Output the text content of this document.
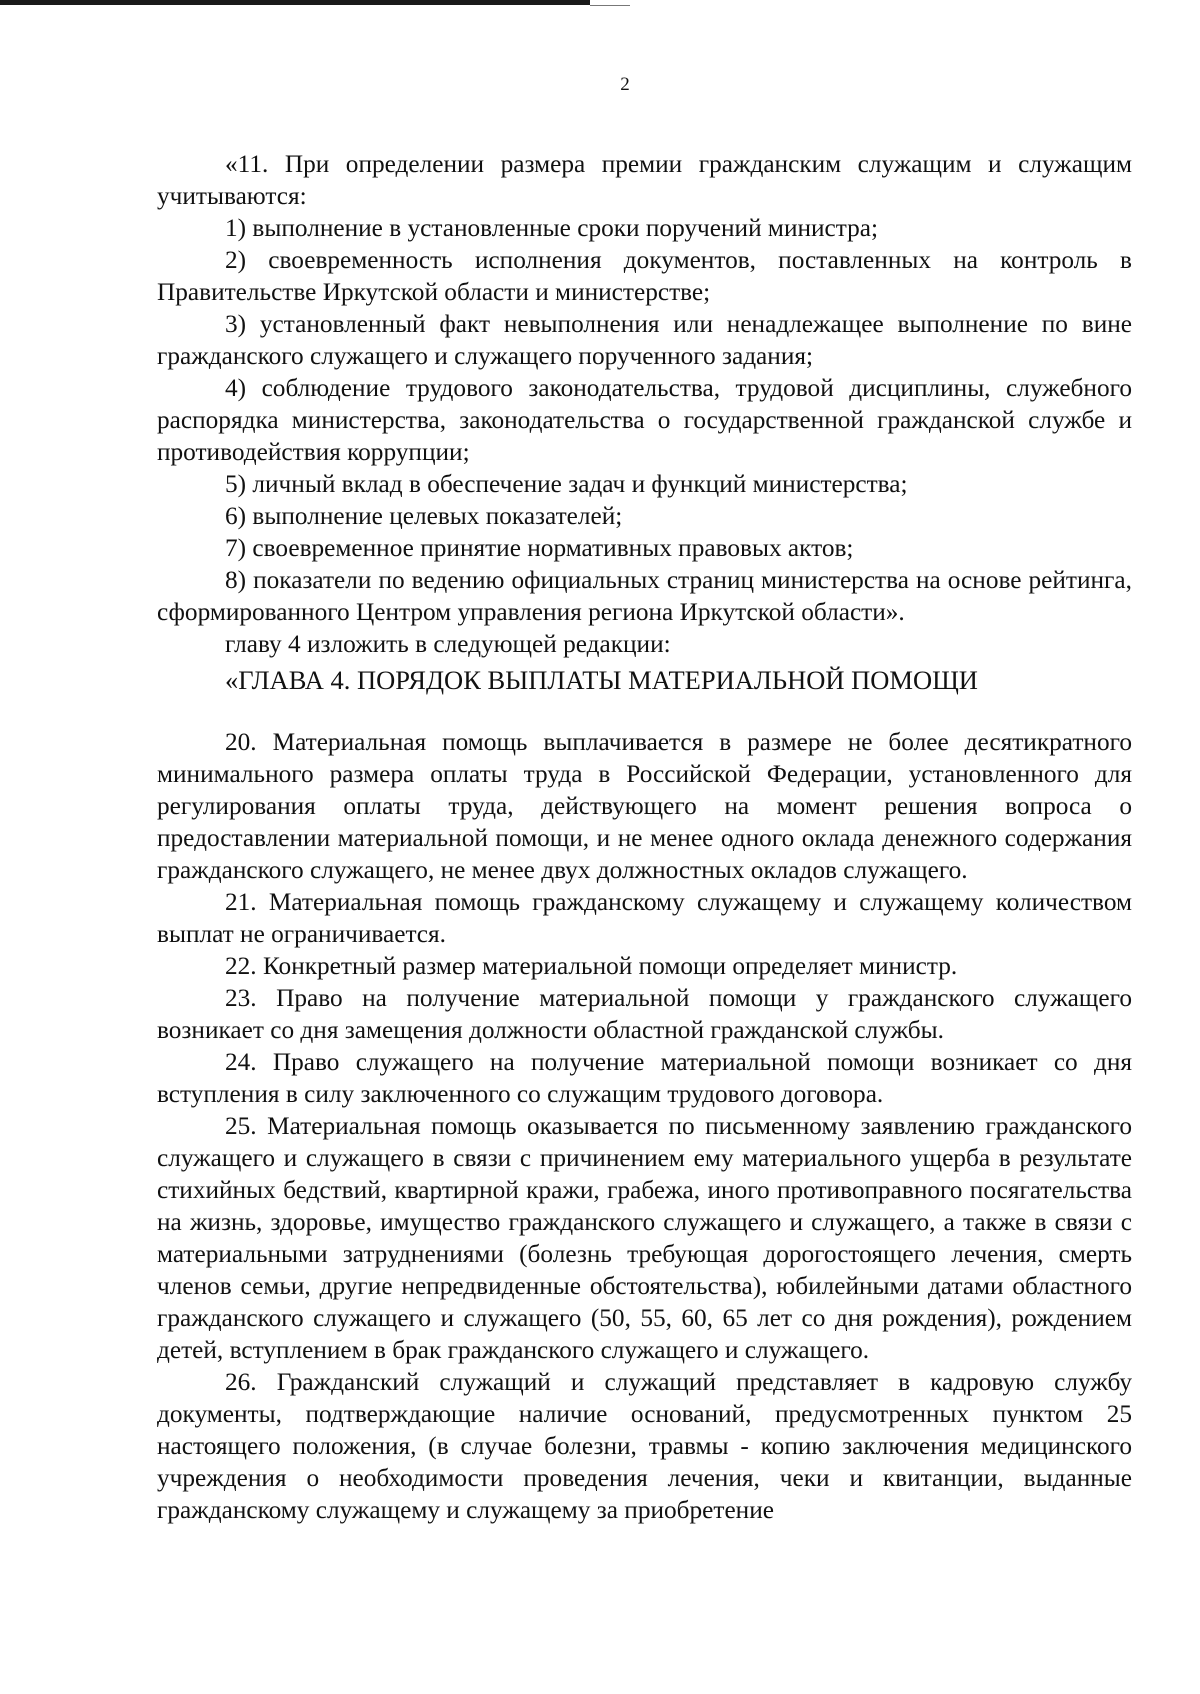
2

«11. При определении размера премии гражданским служащим и служащим учитываются:

1) выполнение в установленные сроки поручений министра;

2) своевременность исполнения документов, поставленных на контроль в Правительстве Иркутской области и министерстве;

3) установленный факт невыполнения или ненадлежащее выполнение по вине гражданского служащего и служащего порученного задания;

4) соблюдение трудового законодательства, трудовой дисциплины, служебного распорядка министерства, законодательства о государственной гражданской службе и противодействия коррупции;

5) личный вклад в обеспечение задач и функций министерства;

6) выполнение целевых показателей;

7) своевременное принятие нормативных правовых актов;

8) показатели по ведению официальных страниц министерства на основе рейтинга, сформированного Центром управления региона Иркутской области».

главу 4 изложить в следующей редакции:

«ГЛАВА 4. ПОРЯДОК ВЫПЛАТЫ МАТЕРИАЛЬНОЙ ПОМОЩИ

20. Материальная помощь выплачивается в размере не более десятикратного минимального размера оплаты труда в Российской Федерации, установленного для регулирования оплаты труда, действующего на момент решения вопроса о предоставлении материальной помощи, и не менее одного оклада денежного содержания гражданского служащего, не менее двух должностных окладов служащего.

21. Материальная помощь гражданскому служащему и служащему количеством выплат не ограничивается.

22. Конкретный размер материальной помощи определяет министр.

23. Право на получение материальной помощи у гражданского служащего возникает со дня замещения должности областной гражданской службы.

24. Право служащего на получение материальной помощи возникает со дня вступления в силу заключенного со служащим трудового договора.

25. Материальная помощь оказывается по письменному заявлению гражданского служащего и служащего в связи с причинением ему материального ущерба в результате стихийных бедствий, квартирной кражи, грабежа, иного противоправного посягательства на жизнь, здоровье, имущество гражданского служащего и служащего, а также в связи с материальными затруднениями (болезнь требующая дорогостоящего лечения, смерть членов семьи, другие непредвиденные обстоятельства), юбилейными датами областного гражданского служащего и служащего (50, 55, 60, 65 лет со дня рождения), рождением детей, вступлением в брак гражданского служащего и служащего.

26. Гражданский служащий и служащий представляет в кадровую службу документы, подтверждающие наличие оснований, предусмотренных пунктом 25 настоящего положения, (в случае болезни, травмы - копию заключения медицинского учреждения о необходимости проведения лечения, чеки и квитанции, выданные гражданскому служащему и служащему за приобретение
